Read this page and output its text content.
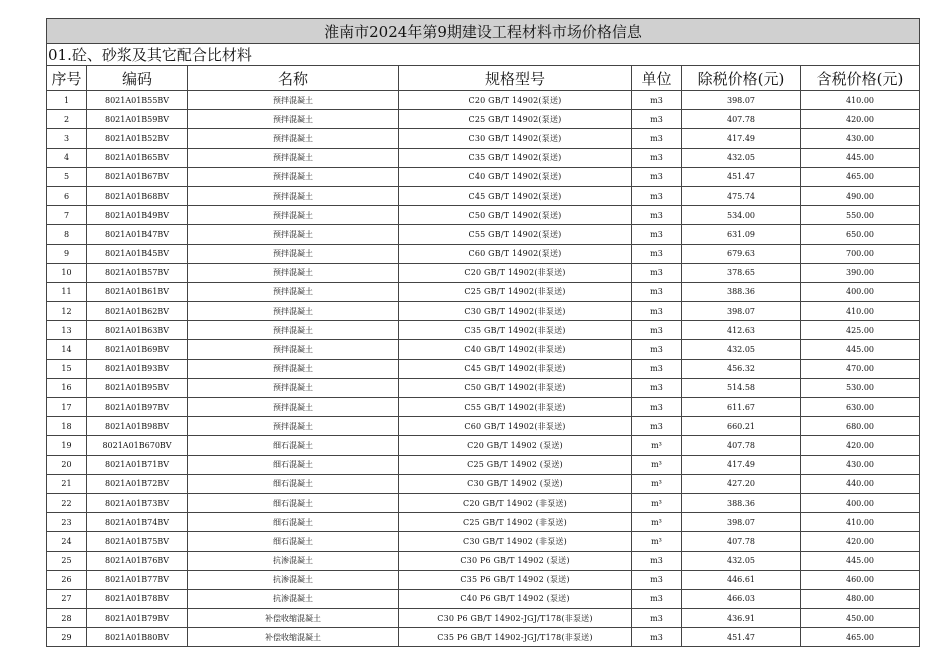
淮南市2024年第9期建设工程材料市场价格信息						
01.砼、砂浆及其它配合比材料						
序号	编码	名称	规格型号	单位	除税价格(元)	含税价格(元)
1	8021A01B55BV	预拌混凝土	C20 GB/T 14902(泵送)	m3	398.07	410.00
2	8021A01B59BV	预拌混凝土	C25 GB/T 14902(泵送)	m3	407.78	420.00
3	8021A01B52BV	预拌混凝土	C30 GB/T 14902(泵送)	m3	417.49	430.00
4	8021A01B65BV	预拌混凝土	C35 GB/T 14902(泵送)	m3	432.05	445.00
5	8021A01B67BV	预拌混凝土	C40 GB/T 14902(泵送)	m3	451.47	465.00
6	8021A01B68BV	预拌混凝土	C45 GB/T 14902(泵送)	m3	475.74	490.00
7	8021A01B49BV	预拌混凝土	C50 GB/T 14902(泵送)	m3	534.00	550.00
8	8021A01B47BV	预拌混凝土	C55 GB/T 14902(泵送)	m3	631.09	650.00
9	8021A01B45BV	预拌混凝土	C60 GB/T 14902(泵送)	m3	679.63	700.00
10	8021A01B57BV	预拌混凝土	C20 GB/T 14902(非泵送)	m3	378.65	390.00
11	8021A01B61BV	预拌混凝土	C25 GB/T 14902(非泵送)	m3	388.36	400.00
12	8021A01B62BV	预拌混凝土	C30 GB/T 14902(非泵送)	m3	398.07	410.00
13	8021A01B63BV	预拌混凝土	C35 GB/T 14902(非泵送)	m3	412.63	425.00
14	8021A01B69BV	预拌混凝土	C40 GB/T 14902(非泵送)	m3	432.05	445.00
15	8021A01B93BV	预拌混凝土	C45 GB/T 14902(非泵送)	m3	456.32	470.00
16	8021A01B95BV	预拌混凝土	C50 GB/T 14902(非泵送)	m3	514.58	530.00
17	8021A01B97BV	预拌混凝土	C55 GB/T 14902(非泵送)	m3	611.67	630.00
18	8021A01B98BV	预拌混凝土	C60 GB/T 14902(非泵送)	m3	660.21	680.00
19	8021A01B670BV	细石混凝土	C20 GB/T 14902 (泵送)	m³	407.78	420.00
20	8021A01B71BV	细石混凝土	C25 GB/T 14902 (泵送)	m³	417.49	430.00
21	8021A01B72BV	细石混凝土	C30 GB/T 14902 (泵送)	m³	427.20	440.00
22	8021A01B73BV	细石混凝土	C20 GB/T 14902 (非泵送)	m³	388.36	400.00
23	8021A01B74BV	细石混凝土	C25 GB/T 14902 (非泵送)	m³	398.07	410.00
24	8021A01B75BV	细石混凝土	C30 GB/T 14902 (非泵送)	m³	407.78	420.00
25	8021A01B76BV	抗渗混凝土	C30 P6 GB/T 14902 (泵送)	m3	432.05	445.00
26	8021A01B77BV	抗渗混凝土	C35 P6 GB/T 14902 (泵送)	m3	446.61	460.00
27	8021A01B78BV	抗渗混凝土	C40 P6 GB/T 14902 (泵送)	m3	466.03	480.00
28	8021A01B79BV	补偿收缩混凝土	C30 P6 GB/T 14902-JGJ/T178(非泵送)	m3	436.91	450.00
29	8021A01B80BV	补偿收缩混凝土	C35 P6 GB/T 14902-JGJ/T178(非泵送)	m3	451.47	465.00
